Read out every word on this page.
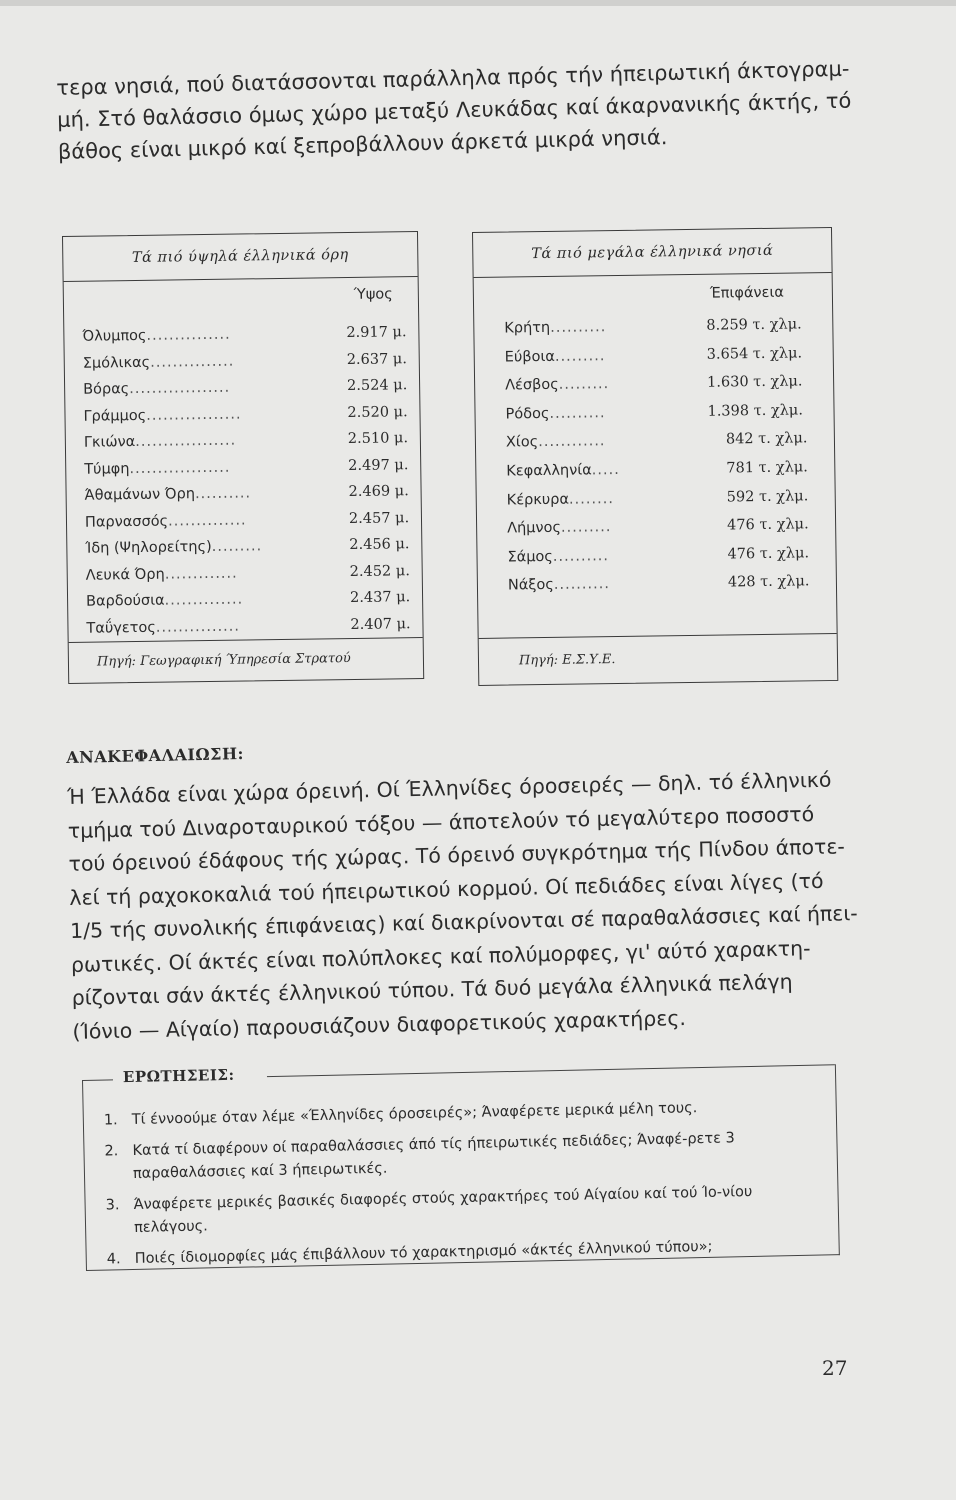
τερα νησιά, πού διατάσσονται παράλληλα πρός τήν ήπειρωτική άκτογραμ-
μή. Στό θαλάσσιο όμως χώρο μεταξύ Λευκάδας καί άκαρνανικής άκτής, τό
βάθος είναι μικρό καί ξεπροβάλλουν άρκετά μικρά νησιά.
Τά πιό ύψηλά έλληνικά όρη
Ύψος
Όλυμπος...............	2.917 μ.
Σμόλικας...............	2.637 μ.
Βόρας..................	2.524 μ.
Γράμμος.................	2.520 μ.
Γκιώνα..................	2.510 μ.
Τύμφη..................	2.497 μ.
Άθαμάνων Όρη..........	2.469 μ.
Παρνασσός..............	2.457 μ.
Ίδη (Ψηλορείτης).........	2.456 μ.
Λευκά Όρη.............	2.452 μ.
Βαρδούσια..............	2.437 μ.
Ταΰγετος...............	2.407 μ.
Πηγή: Γεωγραφική Ύπηρεσία Στρατού
Τά πιό μεγάλα έλληνικά νησιά
Έπιφάνεια
Κρήτη..........	8.259 τ. χλμ.
Εύβοια.........	3.654 τ. χλμ.
Λέσβος.........	1.630 τ. χλμ.
Ρόδος..........	1.398 τ. χλμ.
Χίος............	842 τ. χλμ.
Κεφαλληνία.....	781 τ. χλμ.
Κέρκυρα........	592 τ. χλμ.
Λήμνος.........	476 τ. χλμ.
Σάμος..........	476 τ. χλμ.
Νάξος..........	428 τ. χλμ.
Πηγή: Ε.Σ.Υ.Ε.
ΑΝΑΚΕΦΑΛΑΙΩΣΗ:
Ή Έλλάδα είναι χώρα όρεινή. Οί Έλληνίδες όροσειρές — δηλ. τό έλληνικό
τμήμα τού Διναροταυρικού τόξου — άποτελούν τό μεγαλύτερο ποσοστό
τού όρεινού έδάφους τής χώρας. Τό όρεινό συγκρότημα τής Πίνδου άποτε-
λεί τή ραχοκοκαλιά τού ήπειρωτικού κορμού. Οί πεδιάδες είναι λίγες (τό
1/5 τής συνολικής έπιφάνειας) καί διακρίνονται σέ παραθαλάσσιες καί ήπει-
ρωτικές. Οί άκτές είναι πολύπλοκες καί πολύμορφες, γι' αύτό χαρακτη-
ρίζονται σάν άκτές έλληνικού τύπου. Τά δυό μεγάλα έλληνικά πελάγη
(Ίόνιο — Αίγαίο) παρουσιάζουν διαφορετικούς χαρακτήρες.
ΕΡΩΤΗΣΕΙΣ:
1. Τί έννοούμε όταν λέμε «Έλληνίδες όροσειρές»; Άναφέρετε μερικά μέλη τους.
2. Κατά τί διαφέρουν οί παραθαλάσσιες άπό τίς ήπειρωτικές πεδιάδες; Άναφέ-ρετε 3 παραθαλάσσιες καί 3 ήπειρωτικές.
3. Άναφέρετε μερικές βασικές διαφορές στούς χαρακτήρες τού Αίγαίου καί τού Ίο-νίου πελάγους.
4. Ποιές ίδιομορφίες μάς έπιβάλλουν τό χαρακτηρισμό «άκτές έλληνικού τύπου»;
27
